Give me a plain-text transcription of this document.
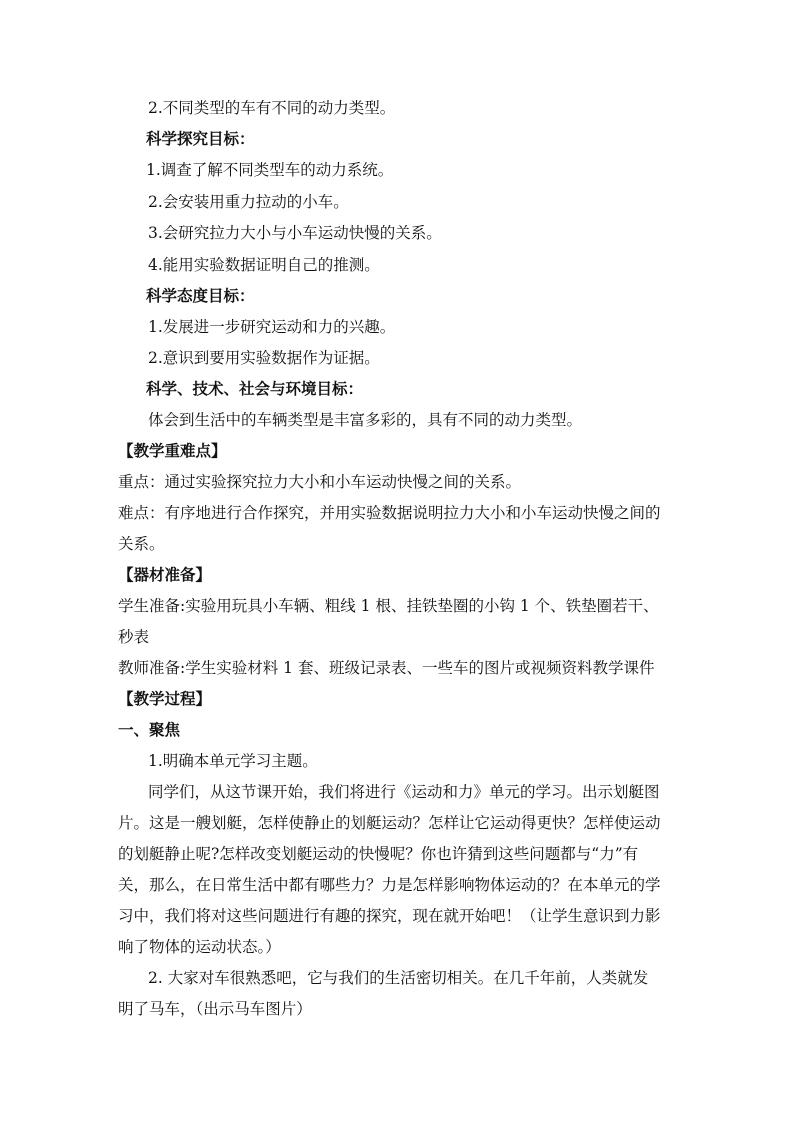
2.不同类型的车有不同的动力类型。
科学探究目标：
1.调查了解不同类型车的动力系统。
2.会安装用重力拉动的小车。
3.会研究拉力大小与小车运动快慢的关系。
4.能用实验数据证明自己的推测。
科学态度目标：
1.发展进一步研究运动和力的兴趣。
2.意识到要用实验数据作为证据。
科学、技术、社会与环境目标：
体会到生活中的车辆类型是丰富多彩的，具有不同的动力类型。
【教学重难点】
重点：通过实验探究拉力大小和小车运动快慢之间的关系。
难点：有序地进行合作探究，并用实验数据说明拉力大小和小车运动快慢之间的
关系。
【器材准备】
学生准备:实验用玩具小车辆、粗线 1 根、挂铁垫圈的小钩 1 个、铁垫圈若干、
秒表
教师准备:学生实验材料 1 套、班级记录表、一些车的图片或视频资料教学课件
【教学过程】
一、聚焦
1.明确本单元学习主题。
同学们，从这节课开始，我们将进行《运动和力》单元的学习。出示划艇图
片。这是一艘划艇，怎样使静止的划艇运动？怎样让它运动得更快？怎样使运动
的划艇静止呢?怎样改变划艇运动的快慢呢？你也许猜到这些问题都与“力”有
关，那么，在日常生活中都有哪些力？力是怎样影响物体运动的？在本单元的学
习中，我们将对这些问题进行有趣的探究，现在就开始吧！（让学生意识到力影
响了物体的运动状态。）
2. 大家对车很熟悉吧，它与我们的生活密切相关。在几千年前，人类就发
明了马车，（出示马车图片）
